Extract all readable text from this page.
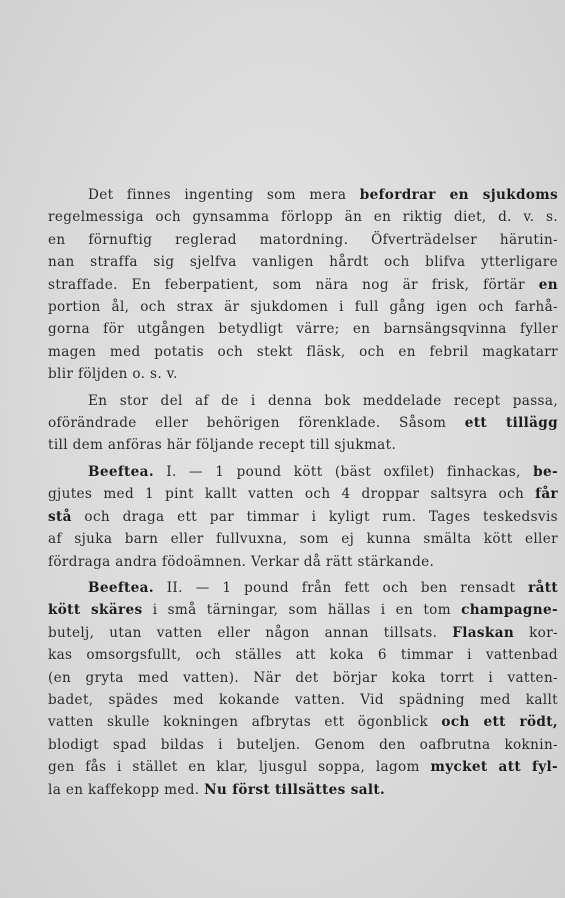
Det finnes ingenting som mera befordrar en sjukdoms
regelmessiga och gynsamma förlopp än en riktig diet, d. v. s.
en förnuftig reglerad matordning. Öfverträdelser härutin-
nan straffa sig sjelfva vanligen hårdt och blifva ytterligare
straffade. En feberpatient, som nära nog är frisk, förtär en
portion ål, och strax är sjukdomen i full gång igen och farhå-
gorna för utgången betydligt värre; en barnsängsqvinna fyller
magen med potatis och stekt fläsk, och en febril magkatarr
blir följden o. s. v.
En stor del af de i denna bok meddelade recept passa,
oförändrade eller behörigen förenklade. Såsom ett tillägg
till dem anföras här följande recept till sjukmat.
Beeftea. I. — 1 pound kött (bäst oxfilet) finhackas, be-
gjutes med 1 pint kallt vatten och 4 droppar saltsyra och får
stå och draga ett par timmar i kyligt rum. Tages teskedsvis
af sjuka barn eller fullvuxna, som ej kunna smälta kött eller
fördraga andra födoämnen. Verkar då rätt stärkande.
Beeftea. II. — 1 pound från fett och ben rensadt rått
kött skäres i små tärningar, som hällas i en tom champagne-
butelj, utan vatten eller någon annan tillsats. Flaskan kor-
kas omsorgsfullt, och ställes att koka 6 timmar i vattenbad
(en gryta med vatten). När det börjar koka torrt i vatten-
badet, spädes med kokande vatten. Vid spädning med kallt
vatten skulle kokningen afbrytas ett ögonblick och ett rödt,
blodigt spad bildas i buteljen. Genom den oafbrutna koknin-
gen fås i stället en klar, ljusgul soppa, lagom mycket att fyl-
la en kaffekopp med. Nu först tillsättes salt.
